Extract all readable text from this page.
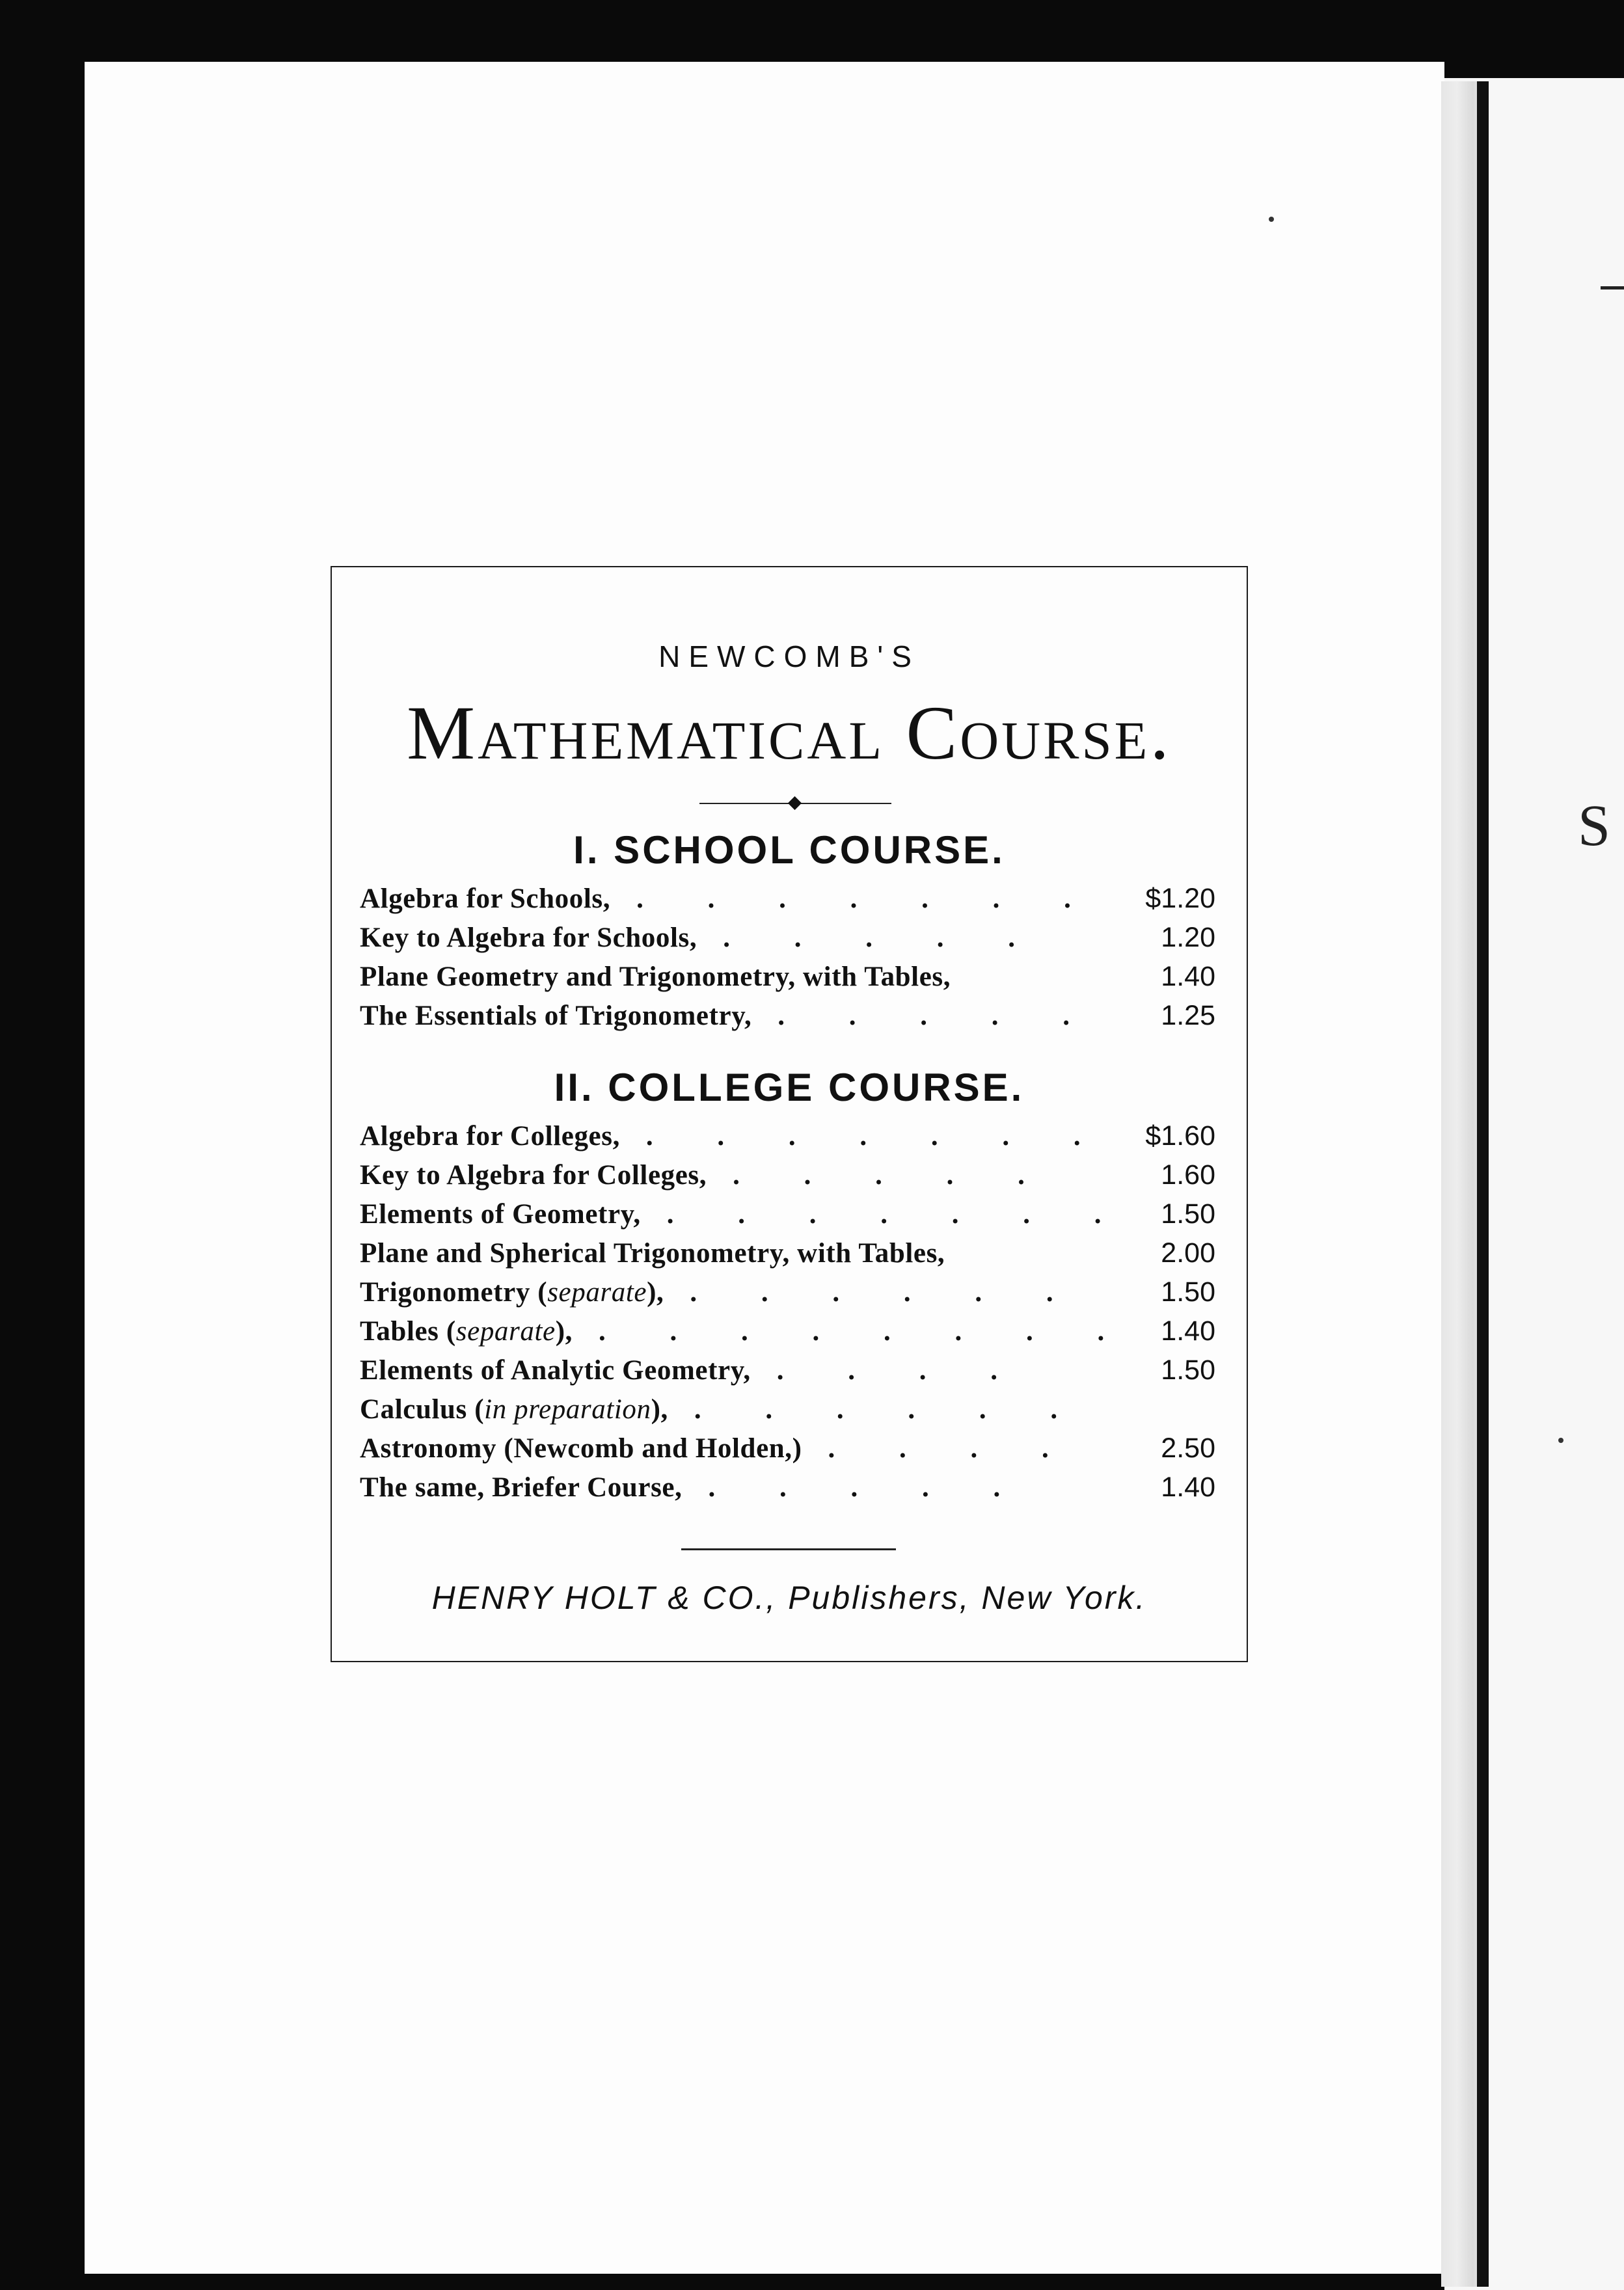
S
NEWCOMB'S
Mathematical Course.
I. SCHOOL COURSE.
Algebra for Schools, . . . . . . . $1.20
Key to Algebra for Schools, . . . . .	1.20
Plane Geometry and Trigonometry, with Tables,	1.40
The Essentials of Trigonometry, . . . . . 1.25
II. COLLEGE COURSE.
Algebra for Colleges, . . . . . . . $1.60
Key to Algebra for Colleges, . . . . .	1.60
Elements of Geometry, . . . . . . . 1.50
Plane and Spherical Trigonometry, with Tables,	2.00
Trigonometry (separate), . . . . . .	1.50
Tables (separate), . . . . . . . . 1.40
Elements of Analytic Geometry, . . . .	1.50
Calculus (in preparation), . . . . . .
Astronomy (Newcomb and Holden,) . . . .	2.50
The same, Briefer Course, . . . . .	1.40
HENRY HOLT & CO., Publishers, New York.
